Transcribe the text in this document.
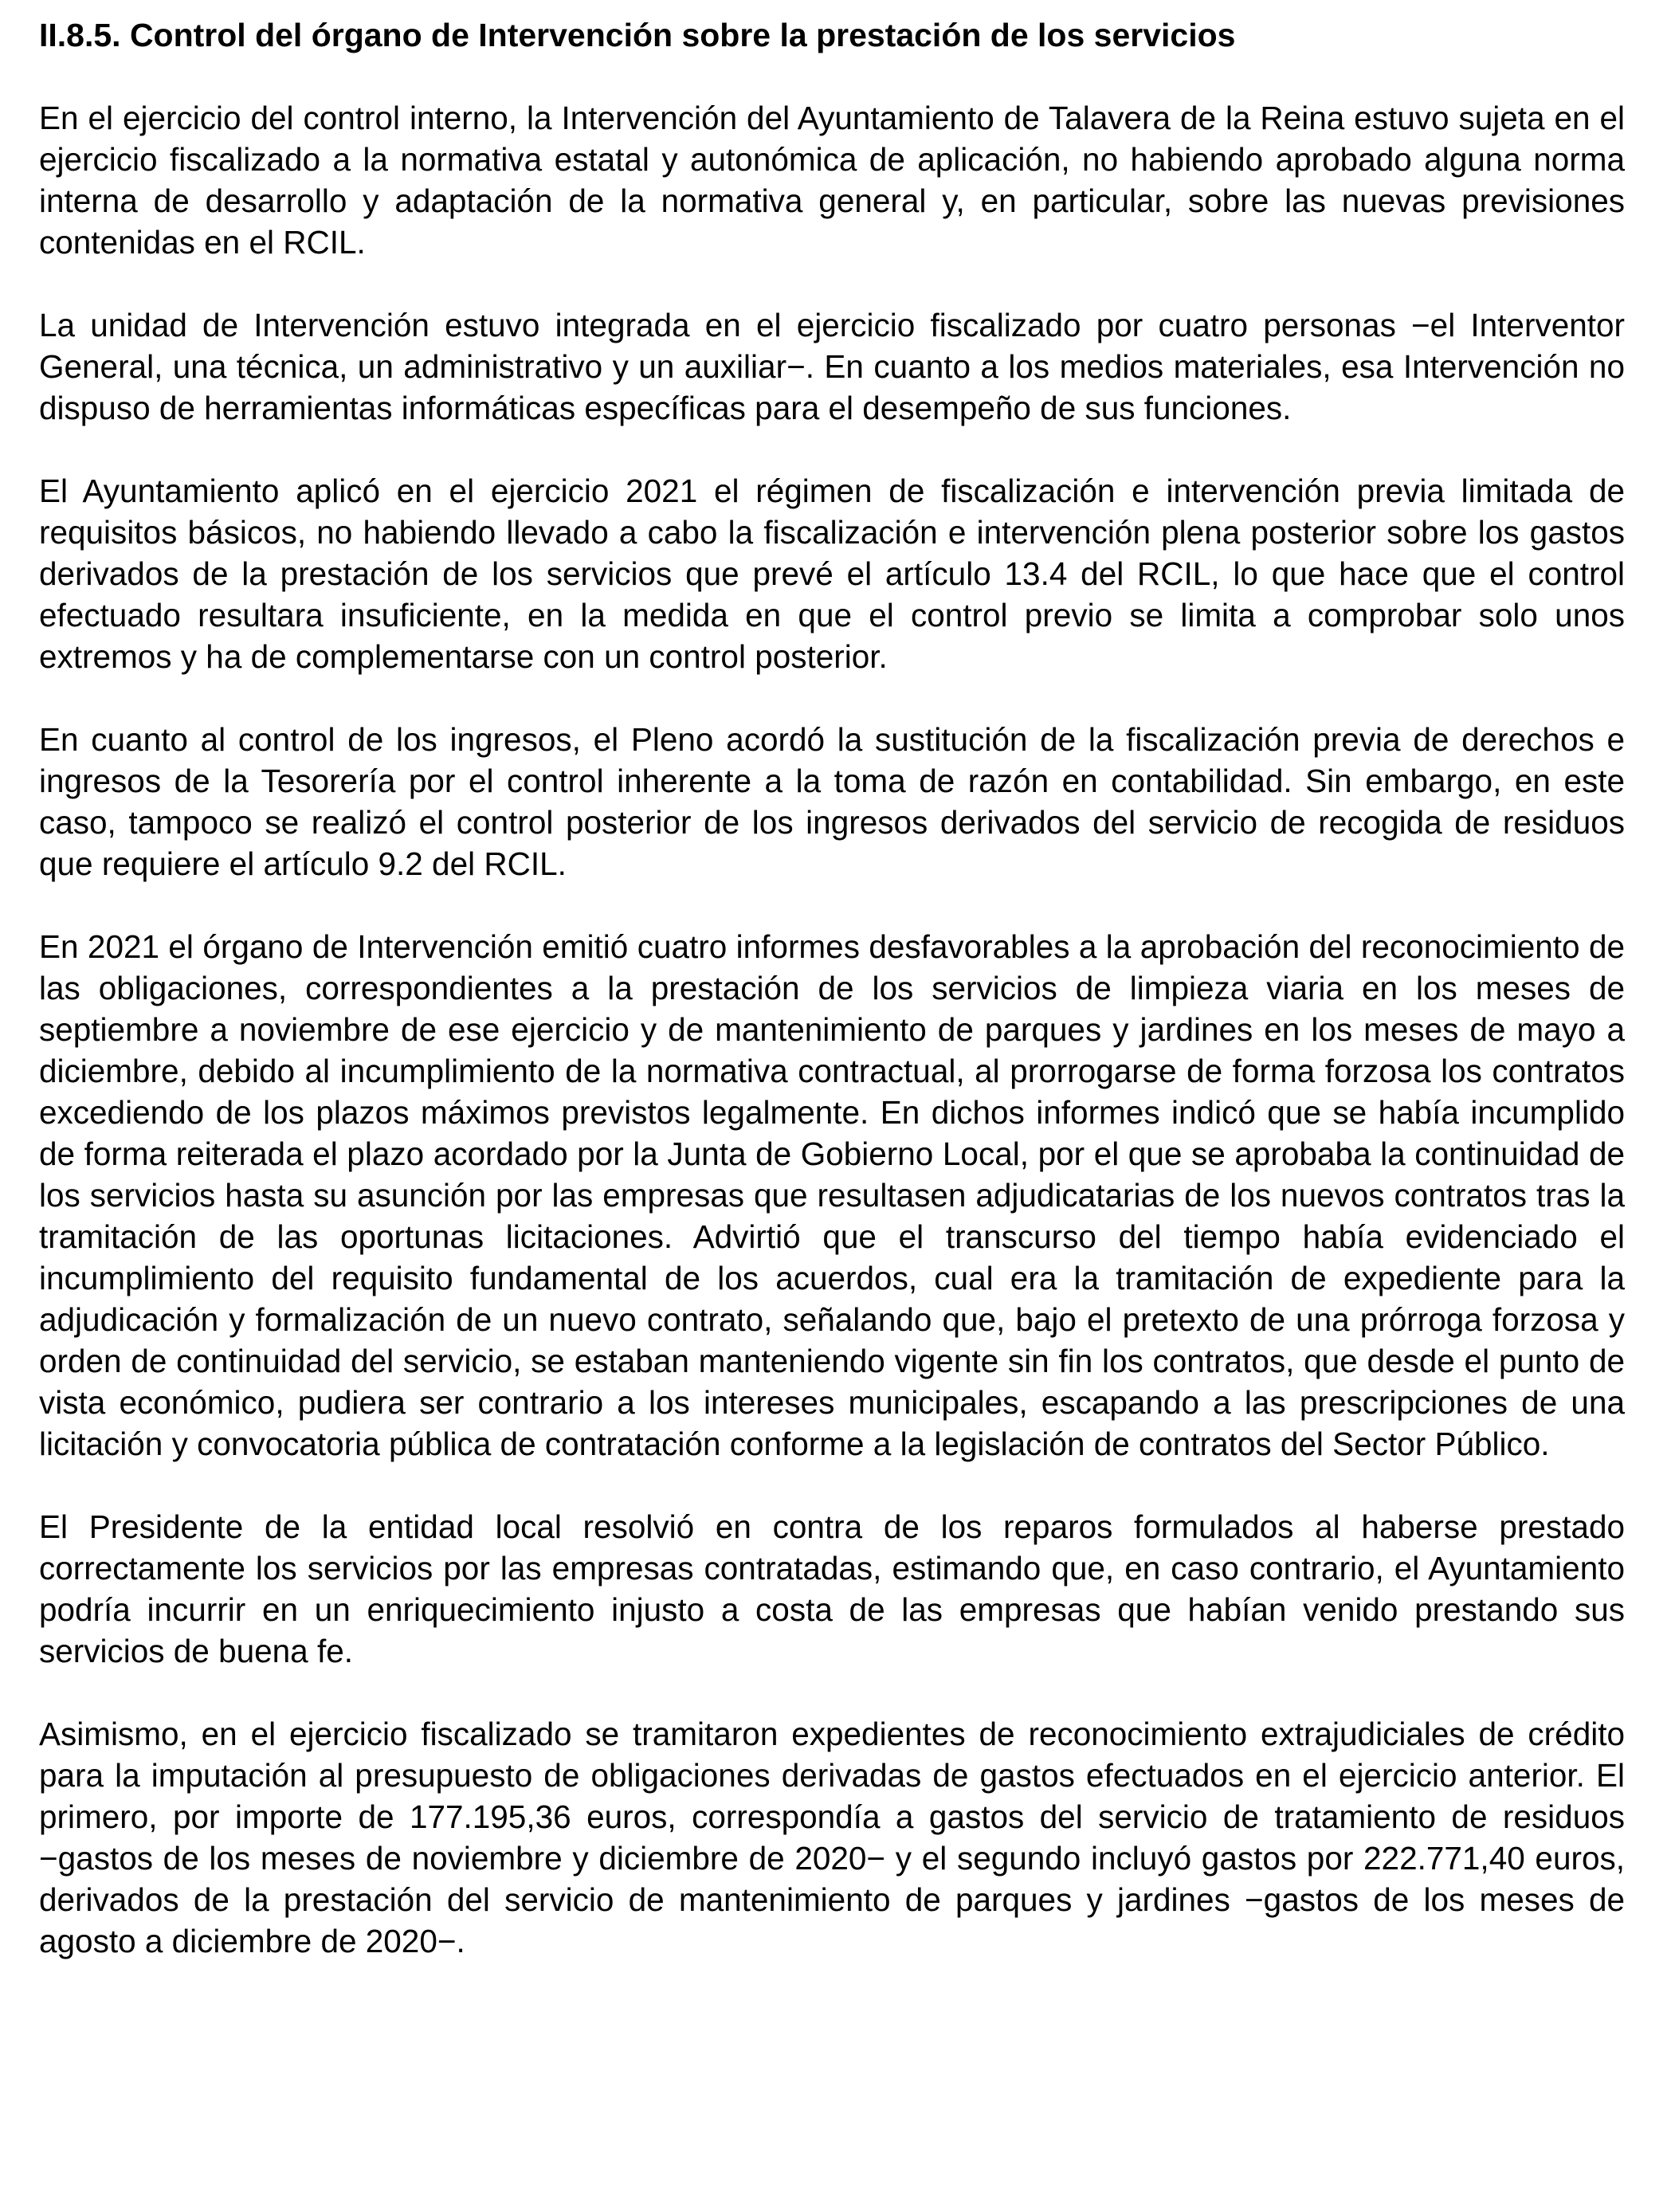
II.8.5. Control del órgano de Intervención sobre la prestación de los servicios

En el ejercicio del control interno, la Intervención del Ayuntamiento de Talavera de la Reina estuvo sujeta en el ejercicio fiscalizado a la normativa estatal y autonómica de aplicación, no habiendo aprobado alguna norma interna de desarrollo y adaptación de la normativa general y, en particular, sobre las nuevas previsiones contenidas en el RCIL.

La unidad de Intervención estuvo integrada en el ejercicio fiscalizado por cuatro personas −el Interventor General, una técnica, un administrativo y un auxiliar−. En cuanto a los medios materiales, esa Intervención no dispuso de herramientas informáticas específicas para el desempeño de sus funciones.

El Ayuntamiento aplicó en el ejercicio 2021 el régimen de fiscalización e intervención previa limitada de requisitos básicos, no habiendo llevado a cabo la fiscalización e intervención plena posterior sobre los gastos derivados de la prestación de los servicios que prevé el artículo 13.4 del RCIL, lo que hace que el control efectuado resultara insuficiente, en la medida en que el control previo se limita a comprobar solo unos extremos y ha de complementarse con un control posterior.

En cuanto al control de los ingresos, el Pleno acordó la sustitución de la fiscalización previa de derechos e ingresos de la Tesorería por el control inherente a la toma de razón en contabilidad. Sin embargo, en este caso, tampoco se realizó el control posterior de los ingresos derivados del servicio de recogida de residuos que requiere el artículo 9.2 del RCIL.

En 2021 el órgano de Intervención emitió cuatro informes desfavorables a la aprobación del reconocimiento de las obligaciones, correspondientes a la prestación de los servicios de limpieza viaria en los meses de septiembre a noviembre de ese ejercicio y de mantenimiento de parques y jardines en los meses de mayo a diciembre, debido al incumplimiento de la normativa contractual, al prorrogarse de forma forzosa los contratos excediendo de los plazos máximos previstos legalmente. En dichos informes indicó que se había incumplido de forma reiterada el plazo acordado por la Junta de Gobierno Local, por el que se aprobaba la continuidad de los servicios hasta su asunción por las empresas que resultasen adjudicatarias de los nuevos contratos tras la tramitación de las oportunas licitaciones. Advirtió que el transcurso del tiempo había evidenciado el incumplimiento del requisito fundamental de los acuerdos, cual era la tramitación de expediente para la adjudicación y formalización de un nuevo contrato, señalando que, bajo el pretexto de una prórroga forzosa y orden de continuidad del servicio, se estaban manteniendo vigente sin fin los contratos, que desde el punto de vista económico, pudiera ser contrario a los intereses municipales, escapando a las prescripciones de una licitación y convocatoria pública de contratación conforme a la legislación de contratos del Sector Público.

El Presidente de la entidad local resolvió en contra de los reparos formulados al haberse prestado correctamente los servicios por las empresas contratadas, estimando que, en caso contrario, el Ayuntamiento podría incurrir en un enriquecimiento injusto a costa de las empresas que habían venido prestando sus servicios de buena fe.

Asimismo, en el ejercicio fiscalizado se tramitaron expedientes de reconocimiento extrajudiciales de crédito para la imputación al presupuesto de obligaciones derivadas de gastos efectuados en el ejercicio anterior. El primero, por importe de 177.195,36 euros, correspondía a gastos del servicio de tratamiento de residuos −gastos de los meses de noviembre y diciembre de 2020− y el segundo incluyó gastos por 222.771,40 euros, derivados de la prestación del servicio de mantenimiento de parques y jardines −gastos de los meses de agosto a diciembre de 2020−.
